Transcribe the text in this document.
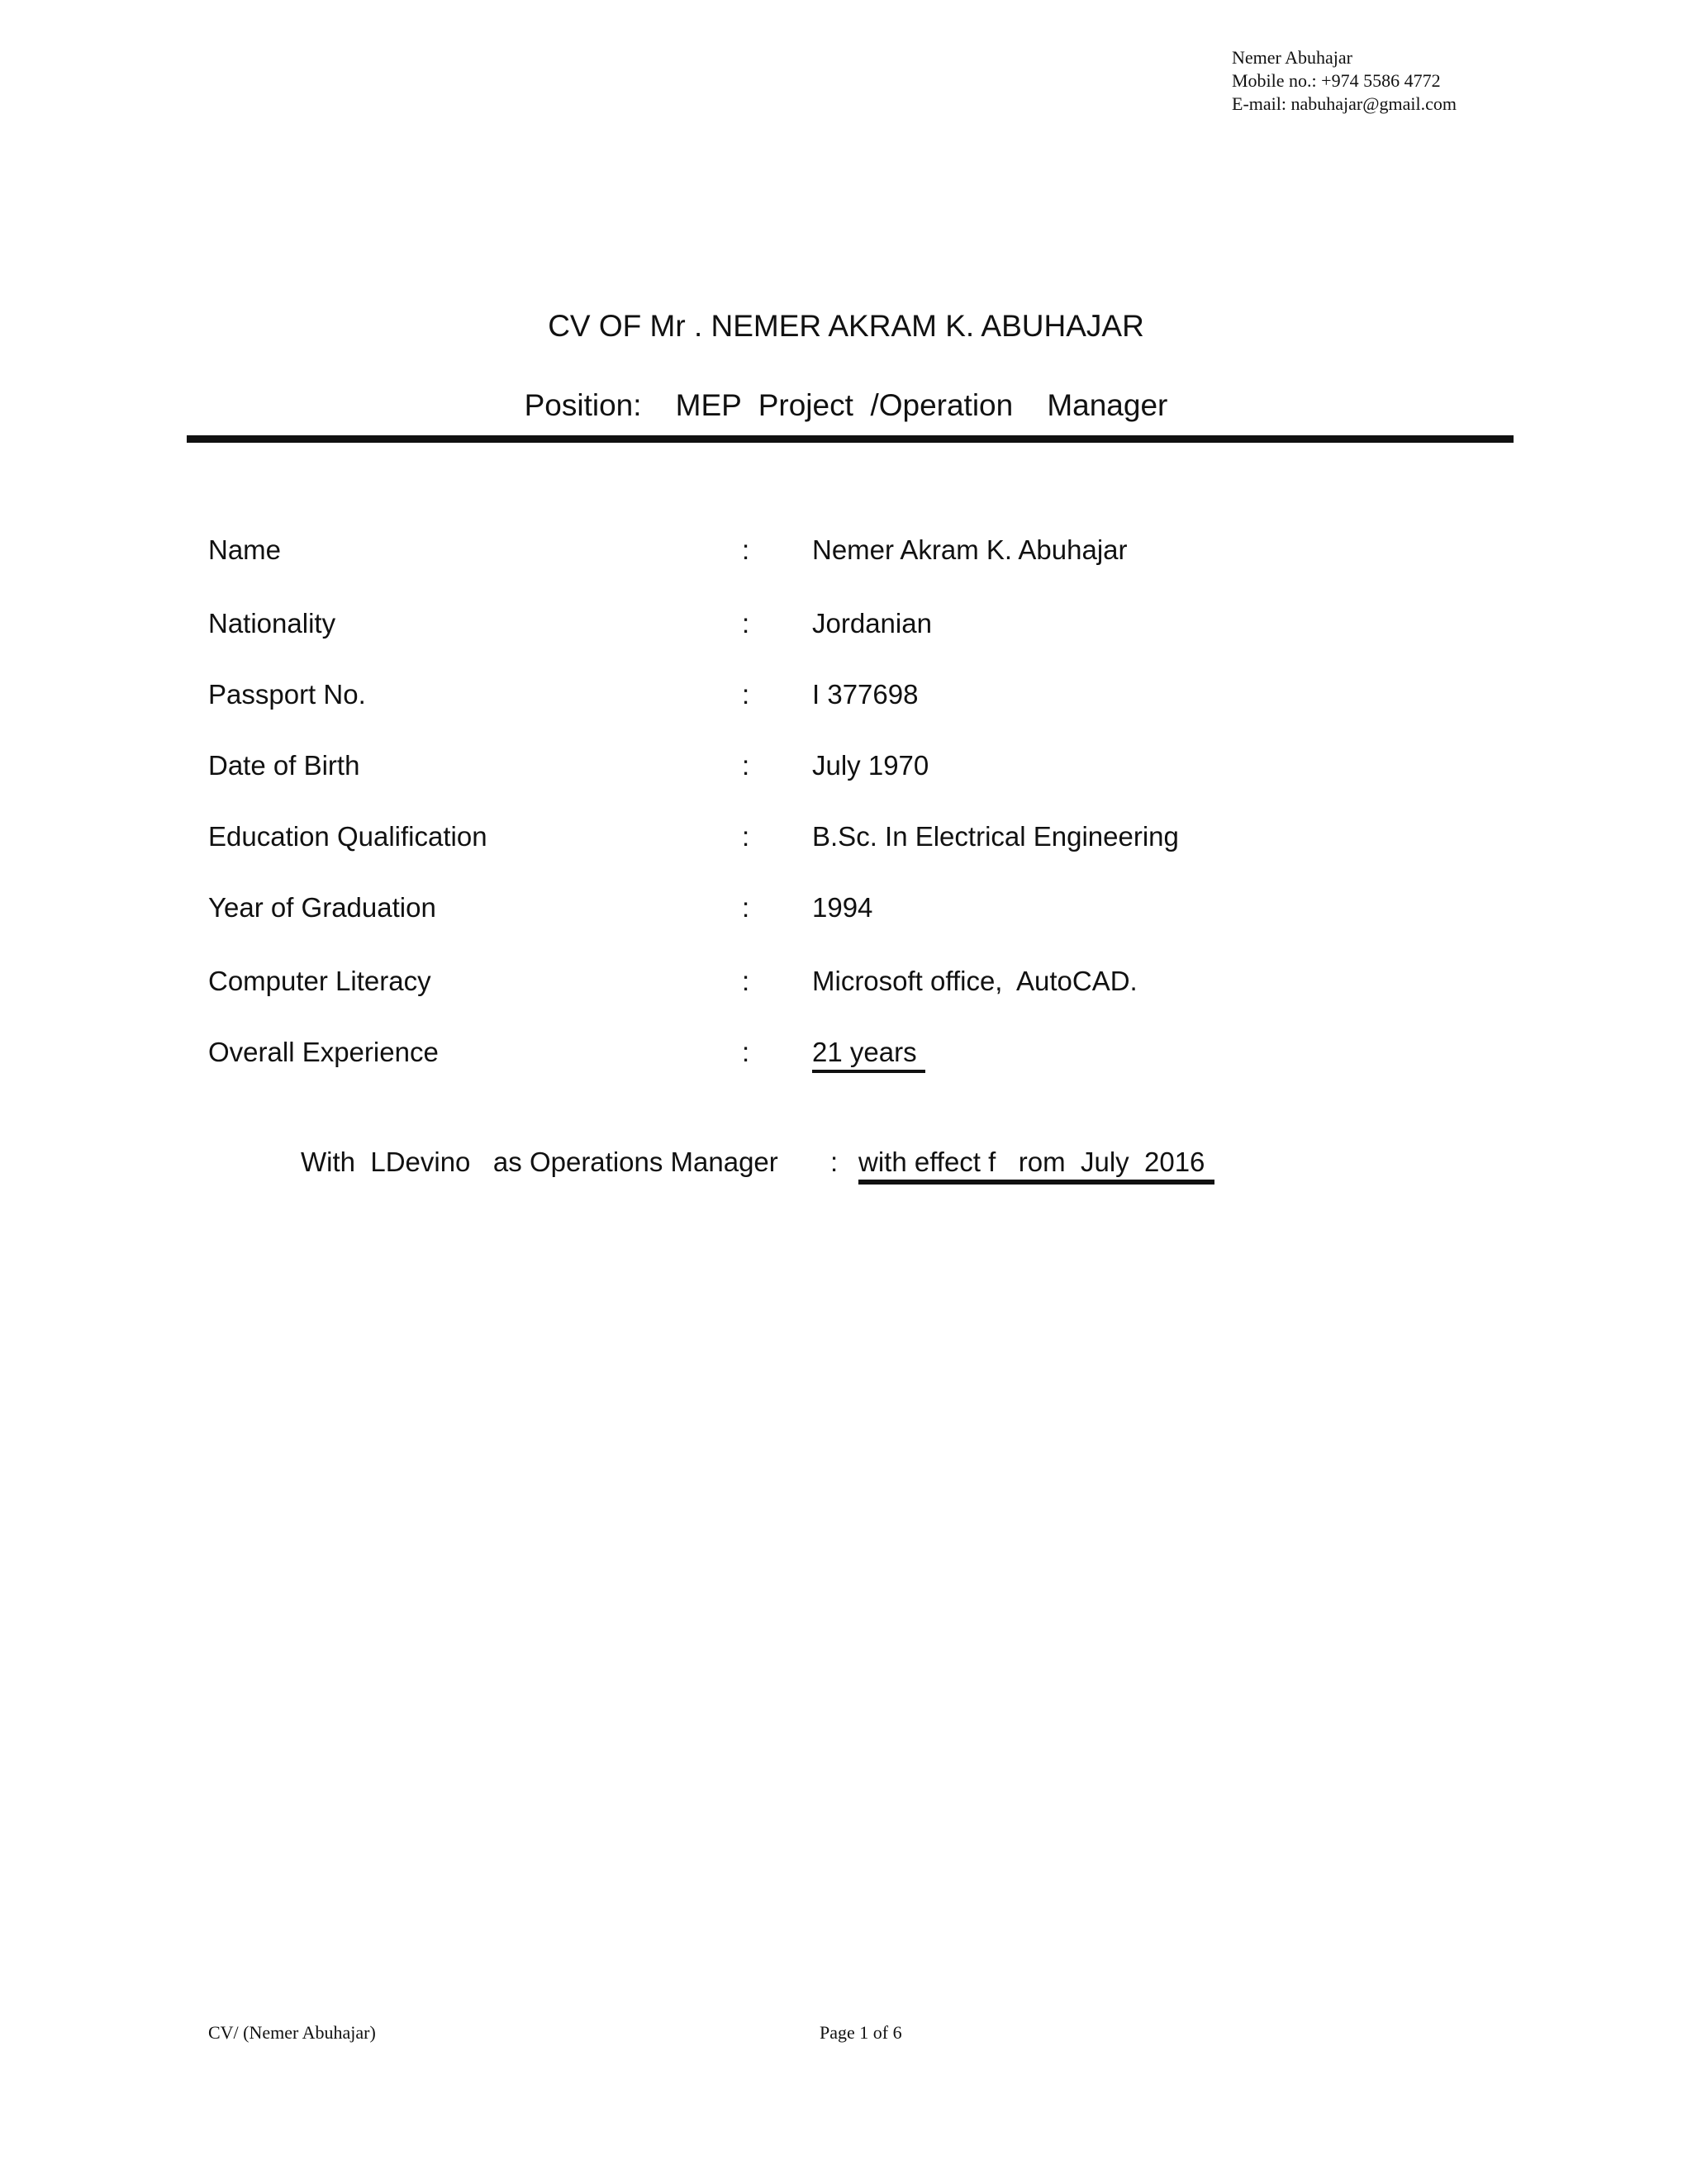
Nemer Abuhajar
Mobile no.: +974 5586 4772
E-mail: nabuhajar@gmail.com
CV OF Mr . NEMER AKRAM K. ABUHAJAR
Position:    MEP  Project  /Operation    Manager
Name	: Nemer Akram K. Abuhajar
Nationality	: Jordanian
Passport No.	: I 377698
Date of Birth	: July 1970
Education Qualification	: B.Sc. In Electrical Engineering
Year of Graduation	: 1994
Computer Literacy	: Microsoft office,  AutoCAD.
Overall Experience	: 21 years
With  LDevino   as Operations Manager : with effect f   rom  July  2016
CV/ (Nemer Abuhajar)	Page 1 of 6
